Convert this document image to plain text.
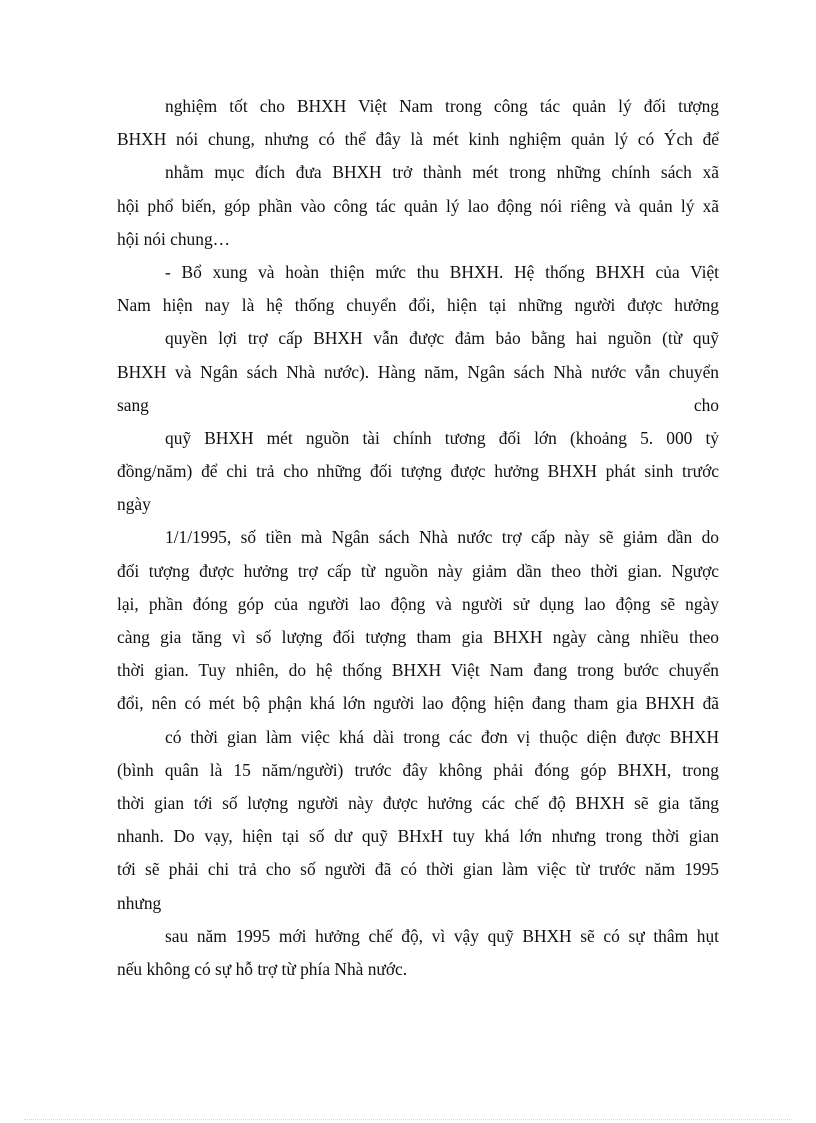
nghiệm tốt cho BHXH Việt Nam trong công tác quản lý đối tượng
BHXH nói chung, nhưng có thể đây là mét kinh nghiệm quản lý có Ých để
nhằm mục đích đưa BHXH trở thành mét trong những chính sách xã
hội phổ biến, góp phần vào công tác quản lý lao động nói riêng và quản lý xã
hội nói chung…
- Bổ xung và hoàn thiện mức thu BHXH. Hệ thống BHXH của Việt
Nam hiện nay là hệ thống chuyển đổi, hiện tại những người được hưởng
quyền lợi trợ cấp BHXH vẫn được đảm bảo bằng hai nguồn (từ quỹ
BHXH và Ngân sách Nhà nước). Hàng năm, Ngân sách Nhà nước vẫn chuyển
sang cho
quỹ BHXH mét nguồn tài chính tương đối lớn (khoảng 5. 000 tỷ
đồng/năm) để chi trả cho những đối tượng được hưởng BHXH phát sinh trước
ngày
1/1/1995, số tiền mà Ngân sách Nhà nước trợ cấp này sẽ giảm dần do
đối tượng được hưởng trợ cấp từ nguồn này giảm dần theo thời gian. Ngược
lại, phần đóng góp của người lao động và người sử dụng lao động sẽ ngày
càng gia tăng vì số lượng đối tượng tham gia BHXH ngày càng nhiều theo
thời gian. Tuy nhiên, do hệ thống BHXH Việt Nam đang trong bước chuyển
đổi, nên có mét bộ phận khá lớn người lao động hiện đang tham gia BHXH đã
có thời gian làm việc khá dài trong các đơn vị thuộc diện được BHXH
(bình quân là 15 năm/người) trước đây không phải đóng góp BHXH, trong
thời gian tới số lượng người này được hưởng các chế độ BHXH sẽ gia tăng
nhanh. Do vạy, hiện tại số dư quỹ BHxH tuy khá lớn nhưng trong thời gian
tới sẽ phải chi trả cho số người đã có thời gian làm việc từ trước năm 1995
nhưng
sau năm 1995 mới hưởng chế độ, vì vậy quỹ BHXH sẽ có sự thâm hụt
nếu không có sự hỗ trợ từ phía Nhà nước.
